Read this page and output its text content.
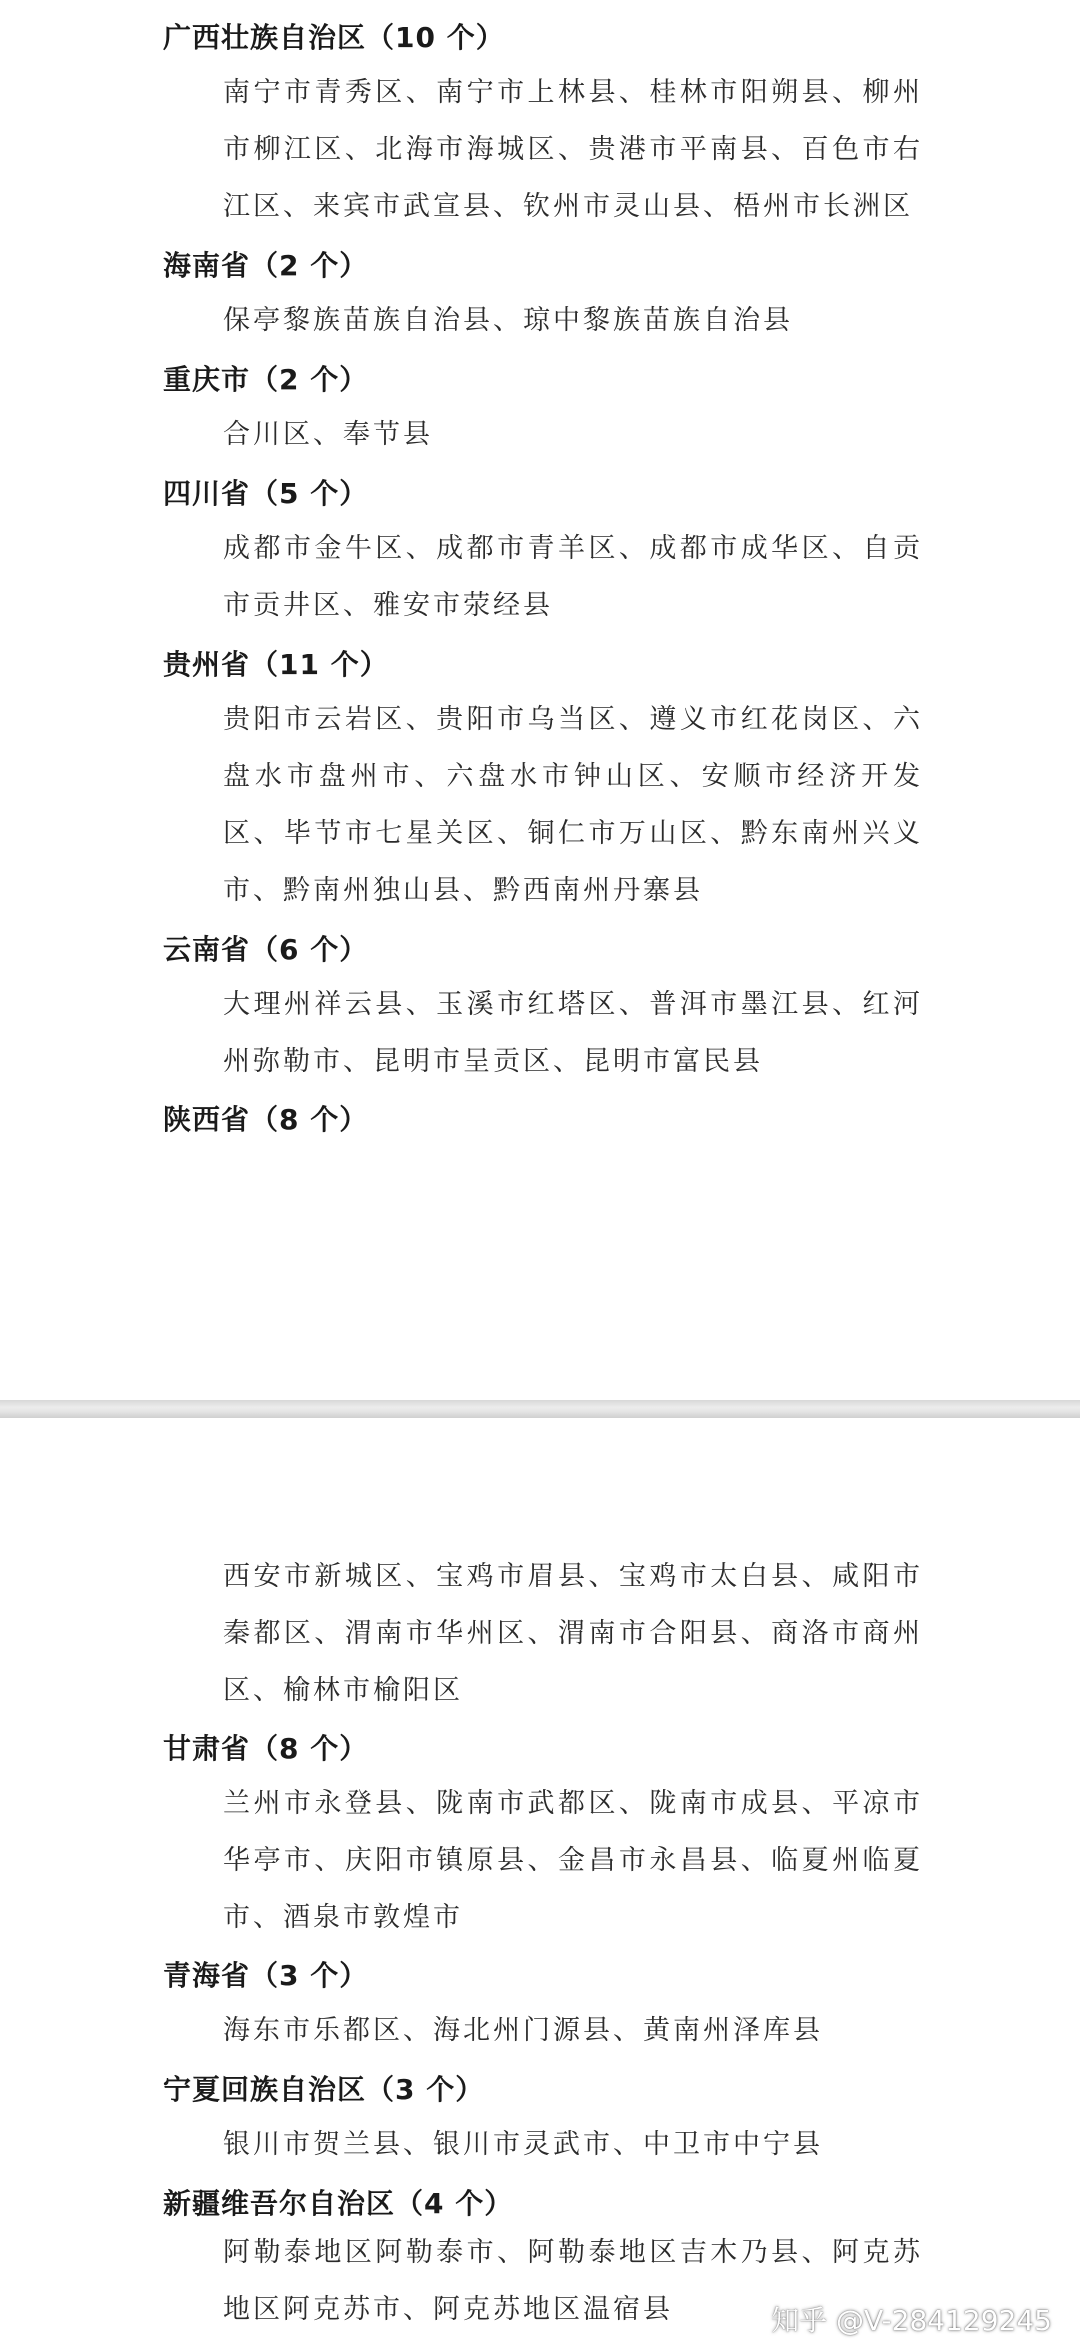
广西壮族自治区（10 个）

南宁市青秀区、南宁市上林县、桂林市阳朔县、柳州市柳江区、北海市海城区、贵港市平南县、百色市右江区、来宾市武宣县、钦州市灵山县、梧州市长洲区

海南省（2 个）

保亭黎族苗族自治县、琼中黎族苗族自治县

重庆市（2 个）

合川区、奉节县

四川省（5 个）

成都市金牛区、成都市青羊区、成都市成华区、自贡市贡井区、雅安市荥经县

贵州省（11 个）

贵阳市云岩区、贵阳市乌当区、遵义市红花岗区、六盘水市盘州市、六盘水市钟山区、安顺市经济开发区、毕节市七星关区、铜仁市万山区、黔东南州兴义市、黔南州独山县、黔西南州丹寨县

云南省（6 个）

大理州祥云县、玉溪市红塔区、普洱市墨江县、红河州弥勒市、昆明市呈贡区、昆明市富民县

陕西省（8 个）

西安市新城区、宝鸡市眉县、宝鸡市太白县、咸阳市秦都区、渭南市华州区、渭南市合阳县、商洛市商州区、榆林市榆阳区

甘肃省（8 个）

兰州市永登县、陇南市武都区、陇南市成县、平凉市华亭市、庆阳市镇原县、金昌市永昌县、临夏州临夏市、酒泉市敦煌市

青海省（3 个）

海东市乐都区、海北州门源县、黄南州泽库县

宁夏回族自治区（3 个）

银川市贺兰县、银川市灵武市、中卫市中宁县

新疆维吾尔自治区（4 个）

阿勒泰地区阿勒泰市、阿勒泰地区吉木乃县、阿克苏地区阿克苏市、阿克苏地区温宿县	知乎 @V-284129245
